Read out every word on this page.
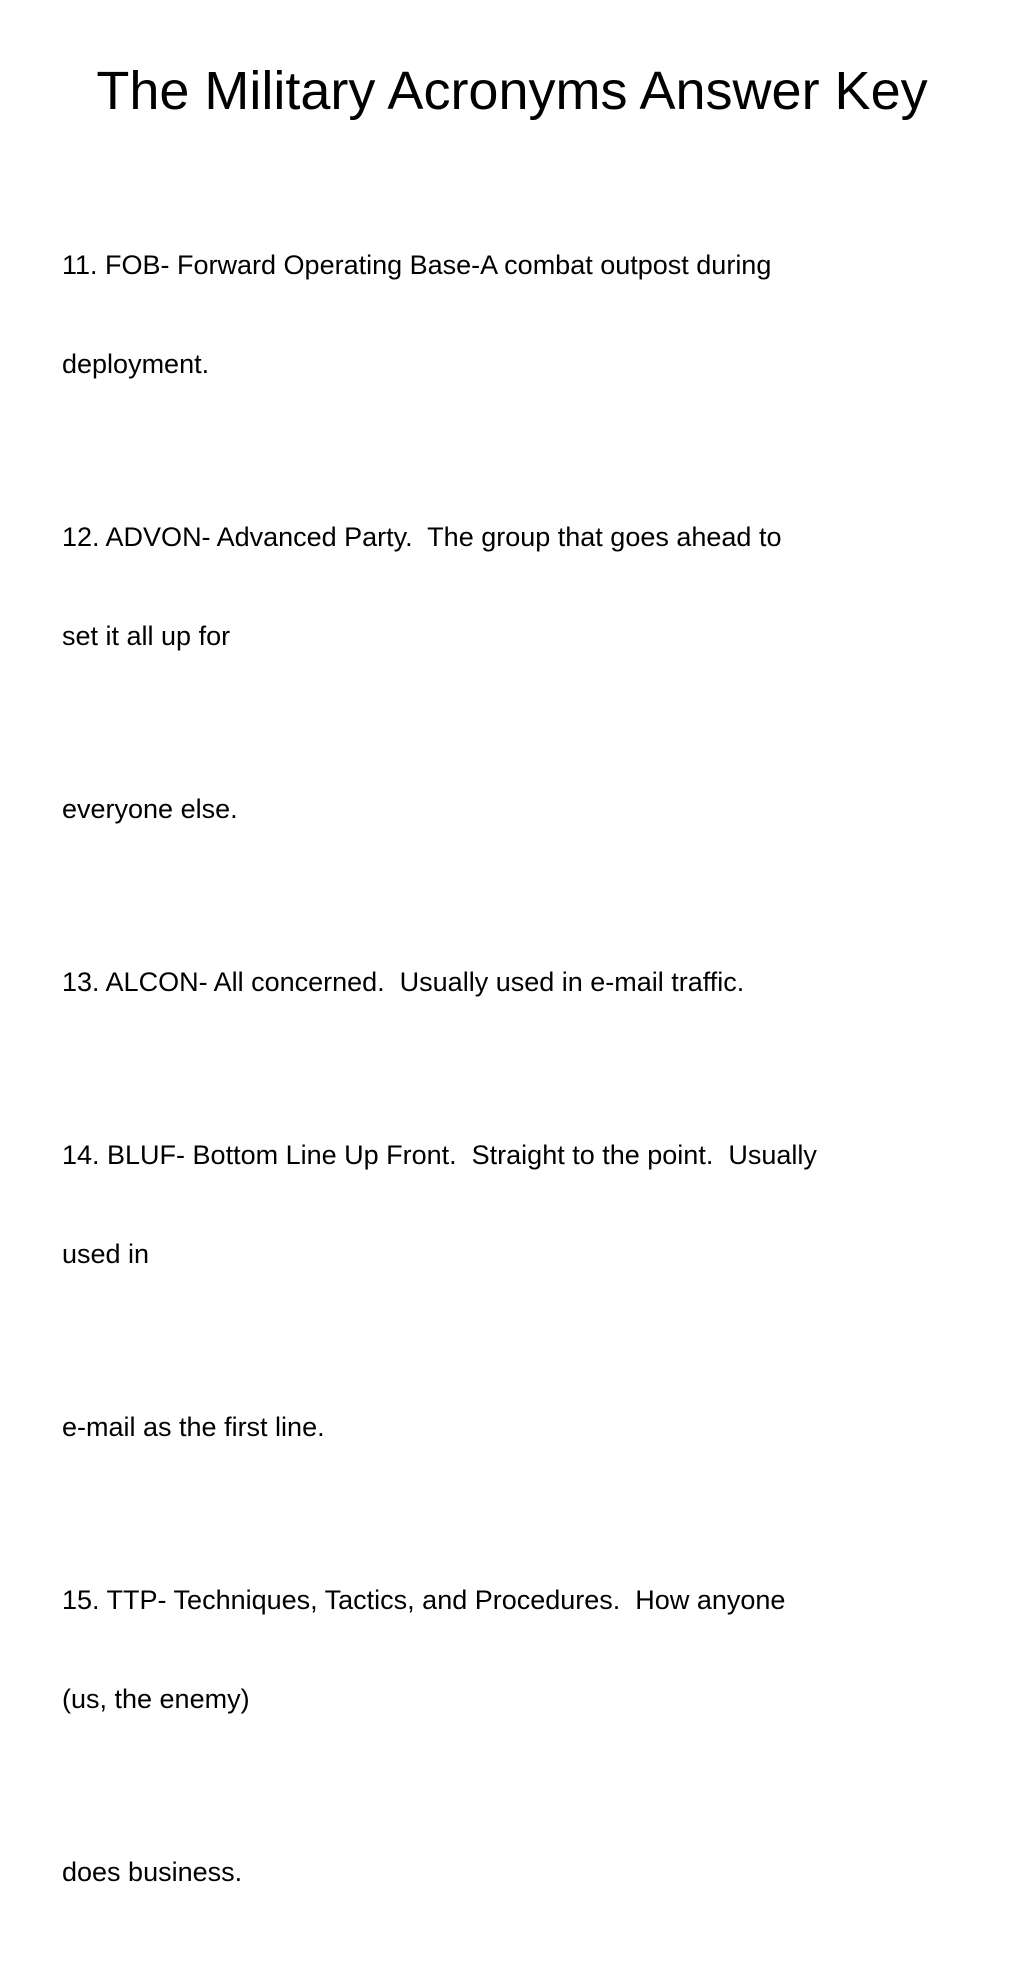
The Military Acronyms Answer Key

11. FOB- Forward Operating Base-A combat outpost during

deployment.

12. ADVON- Advanced Party.  The group that goes ahead to

set it all up for

everyone else.

13. ALCON- All concerned.  Usually used in e-mail traffic.

14. BLUF- Bottom Line Up Front.  Straight to the point.  Usually

used in

e-mail as the first line.

15. TTP- Techniques, Tactics, and Procedures.  How anyone

(us, the enemy)

does business.
